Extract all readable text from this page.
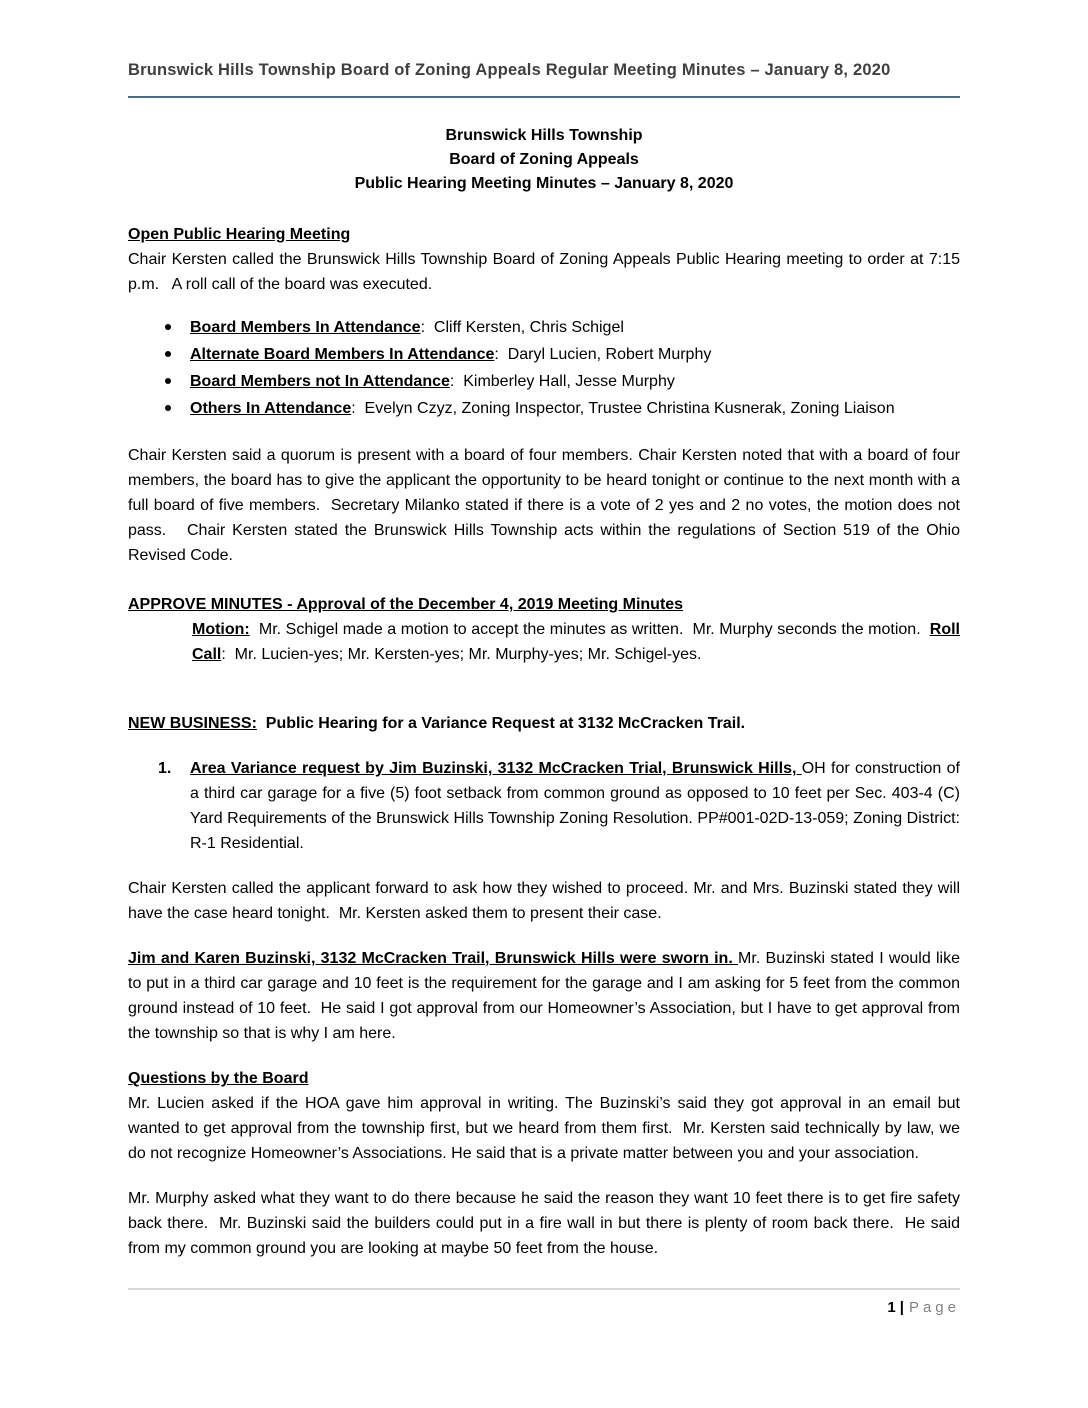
Brunswick Hills Township Board of Zoning Appeals Regular Meeting Minutes – January 8, 2020
Brunswick Hills Township
Board of Zoning Appeals
Public Hearing Meeting Minutes – January 8, 2020

Open Public Hearing Meeting

Chair Kersten called the Brunswick Hills Township Board of Zoning Appeals Public Hearing meeting to order at 7:15 p.m.   A roll call of the board was executed.

Board Members In Attendance:  Cliff Kersten, Chris Schigel
Alternate Board Members In Attendance:  Daryl Lucien, Robert Murphy
Board Members not In Attendance:  Kimberley Hall, Jesse Murphy
Others In Attendance:  Evelyn Czyz, Zoning Inspector, Trustee Christina Kusnerak, Zoning Liaison

Chair Kersten said a quorum is present with a board of four members. Chair Kersten noted that with a board of four members, the board has to give the applicant the opportunity to be heard tonight or continue to the next month with a full board of five members.  Secretary Milanko stated if there is a vote of 2 yes and 2 no votes, the motion does not pass.   Chair Kersten stated the Brunswick Hills Township acts within the regulations of Section 519 of the Ohio Revised Code.

APPROVE MINUTES - Approval of the December 4, 2019 Meeting Minutes

Motion:  Mr. Schigel made a motion to accept the minutes as written.  Mr. Murphy seconds the motion.  Roll Call:  Mr. Lucien-yes; Mr. Kersten-yes; Mr. Murphy-yes; Mr. Schigel-yes.

NEW BUSINESS:  Public Hearing for a Variance Request at 3132 McCracken Trail.

1.	Area Variance request by Jim Buzinski, 3132 McCracken Trial, Brunswick Hills, OH for construction of a third car garage for a five (5) foot setback from common ground as opposed to 10 feet per Sec. 403-4 (C) Yard Requirements of the Brunswick Hills Township Zoning Resolution. PP#001-02D-13-059; Zoning District: R-1 Residential.

Chair Kersten called the applicant forward to ask how they wished to proceed. Mr. and Mrs. Buzinski stated they will have the case heard tonight.  Mr. Kersten asked them to present their case.

Jim and Karen Buzinski, 3132 McCracken Trail, Brunswick Hills were sworn in. Mr. Buzinski stated I would like to put in a third car garage and 10 feet is the requirement for the garage and I am asking for 5 feet from the common ground instead of 10 feet.  He said I got approval from our Homeowner’s Association, but I have to get approval from the township so that is why I am here.

Questions by the Board

Mr. Lucien asked if the HOA gave him approval in writing. The Buzinski’s said they got approval in an email but wanted to get approval from the township first, but we heard from them first.  Mr. Kersten said technically by law, we do not recognize Homeowner’s Associations. He said that is a private matter between you and your association.

Mr. Murphy asked what they want to do there because he said the reason they want 10 feet there is to get fire safety back there.  Mr. Buzinski said the builders could put in a fire wall in but there is plenty of room back there.  He said from my common ground you are looking at maybe 50 feet from the house.

1 | Page
